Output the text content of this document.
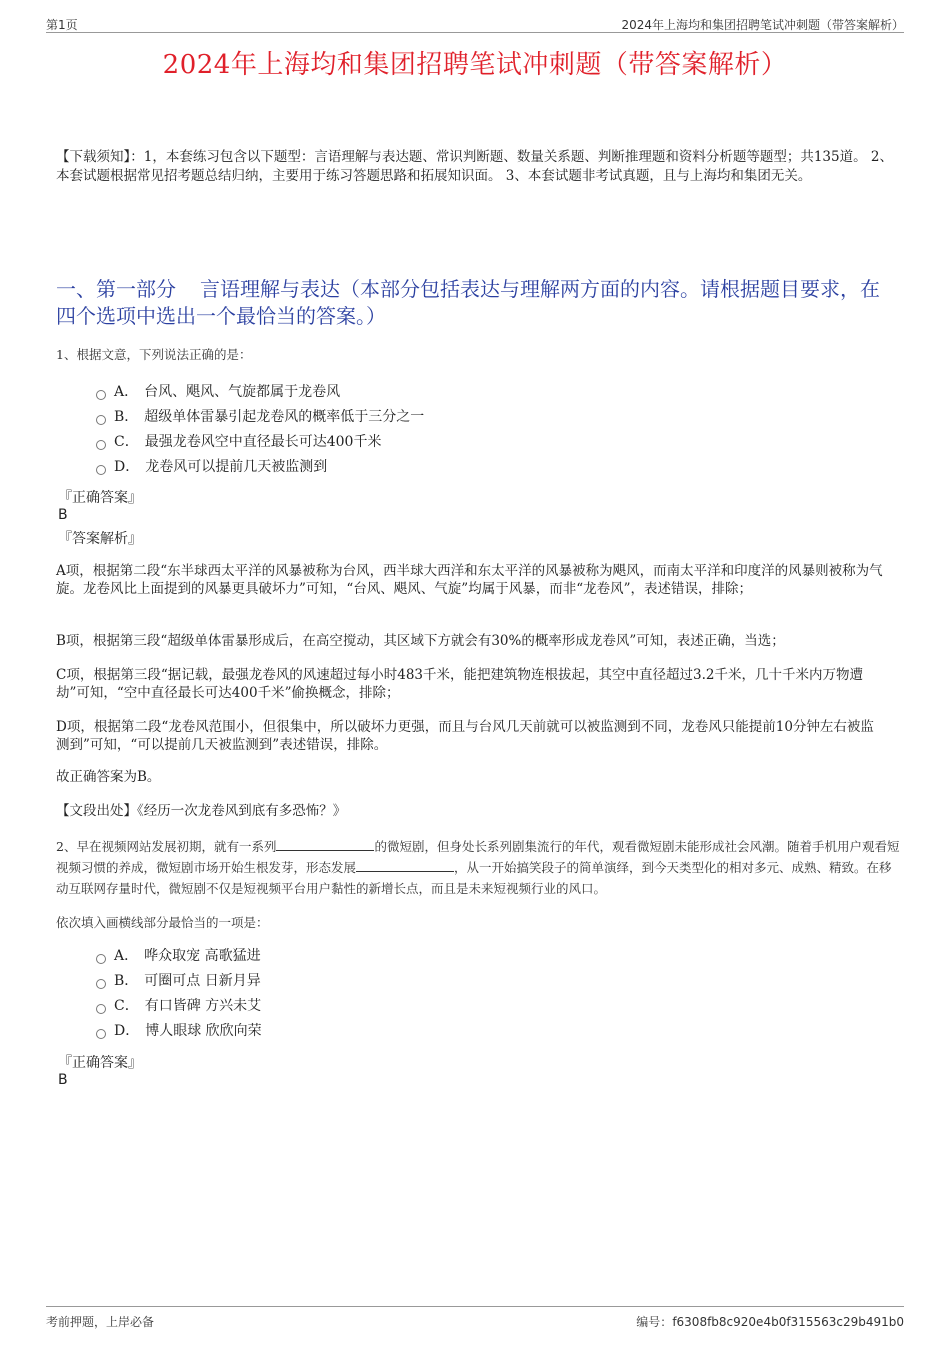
第1页	2024年上海均和集团招聘笔试冲刺题（带答案解析）
2024年上海均和集团招聘笔试冲刺题（带答案解析）
【下载须知】：1，本套练习包含以下题型：言语理解与表达题、常识判断题、数量关系题、判断推理题和资料分析题等题型；共135道。 2、本套试题根据常见招考题总结归纳，主要用于练习答题思路和拓展知识面。 3、本套试题非考试真题，且与上海均和集团无关。
一、第一部分 言语理解与表达（本部分包括表达与理解两方面的内容。请根据题目要求，在四个选项中选出一个最恰当的答案。）
1、根据文意，下列说法正确的是：
A． 台风、飓风、气旋都属于龙卷风
B． 超级单体雷暴引起龙卷风的概率低于三分之一
C． 最强龙卷风空中直径最长可达400千米
D． 龙卷风可以提前几天被监测到
『正确答案』
B
『答案解析』
A项，根据第二段“东半球西太平洋的风暴被称为台风，西半球大西洋和东太平洋的风暴被称为飓风，而南太平洋和印度洋的风暴则被称为气旋。龙卷风比上面提到的风暴更具破坏力”可知，“台风、飓风、气旋”均属于风暴，而非“龙卷风”，表述错误，排除；
B项，根据第三段“超级单体雷暴形成后，在高空搅动，其区域下方就会有30%的概率形成龙卷风”可知，表述正确，当选；
C项，根据第三段“据记载，最强龙卷风的风速超过每小时483千米，能把建筑物连根拔起，其空中直径超过3.2千米，几十千米内万物遭劫”可知，“空中直径最长可达400千米”偷换概念，排除；
D项，根据第二段“龙卷风范围小，但很集中，所以破坏力更强，而且与台风几天前就可以被监测到不同，龙卷风只能提前10分钟左右被监测到”可知，“可以提前几天被监测到”表述错误，排除。
故正确答案为B。
【文段出处】《经历一次龙卷风到底有多恐怖？》
2、早在视频网站发展初期，就有一系列	的微短剧，但身处长系列剧集流行的年代，观看微短剧未能形成社会风潮。随着手机用户观看短视频习惯的养成，微短剧市场开始生根发芽，形态发展	，从一开始搞笑段子的简单演绎，到今天类型化的相对多元、成熟、精致。在移动互联网存量时代，微短剧不仅是短视频平台用户黏性的新增长点，而且是未来短视频行业的风口。
依次填入画横线部分最恰当的一项是：
A． 哗众取宠 高歌猛进
B． 可圈可点 日新月异
C． 有口皆碑 方兴未艾
D． 博人眼球 欣欣向荣
『正确答案』
B
考前押题，上岸必备	编号：f6308fb8c920e4b0f315563c29b491b0
